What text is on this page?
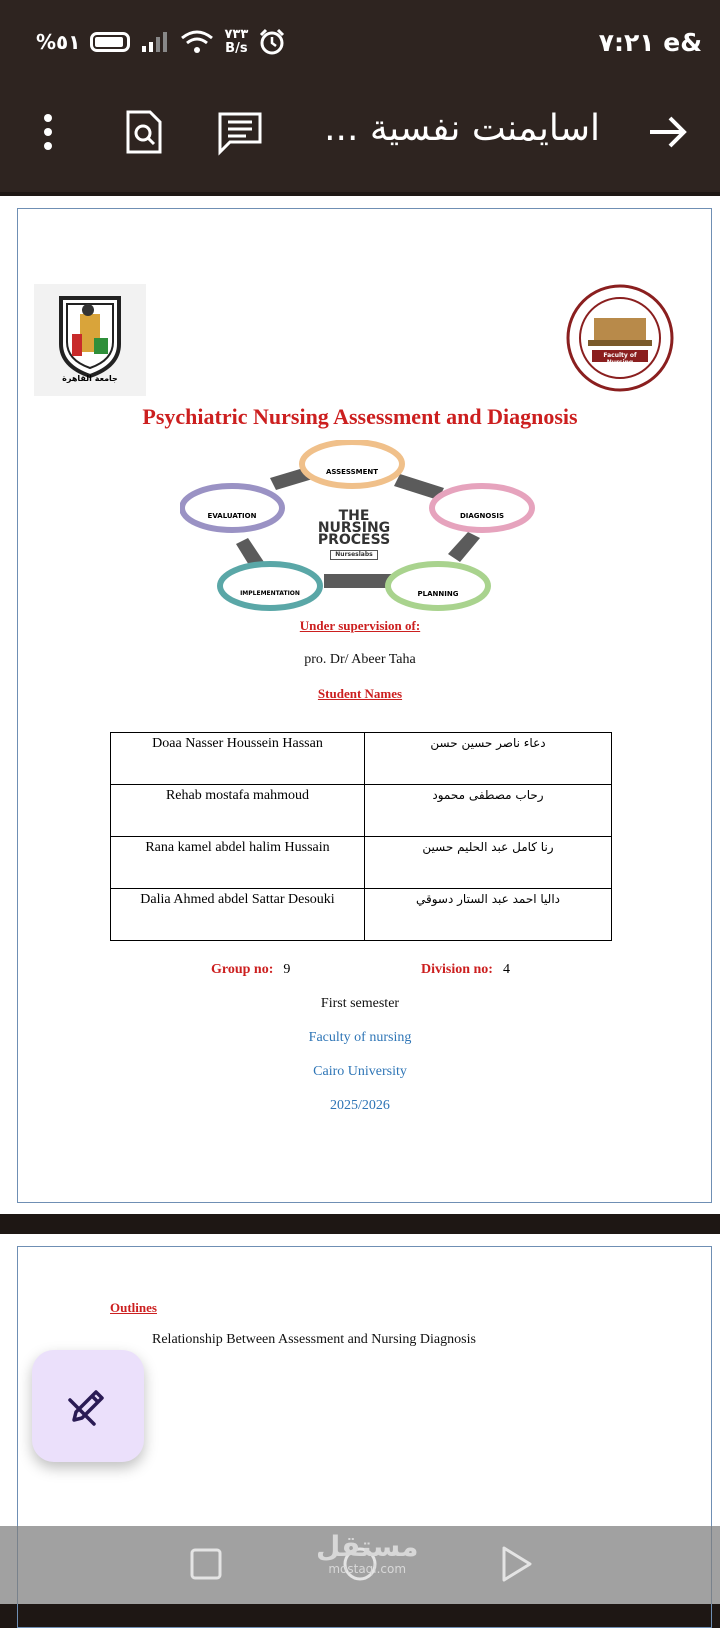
%٥١	٧٣٣
B/s	٧:٢١ e&
اسايمنت نفسية ...
جامعة القاهرة
Faculty of Nursing
Psychiatric Nursing Assessment and Diagnosis
ASSESSMENT
DIAGNOSIS
PLANNING
IMPLEMENTATION
EVALUATION	THE
NURSING
PROCESS
Nurseslabs
Under supervision of:
pro. Dr/ Abeer Taha
Student Names
Doaa Nasser Houssein Hassan	دعاء ناصر حسين حسن
Rehab mostafa mahmoud	رحاب مصطفى محمود
Rana kamel abdel halim Hussain	رنا كامل عبد الحليم حسين
Dalia Ahmed abdel Sattar Desouki	داليا احمد عبد الستار دسوقي
Group no: 9	Division no: 4
First semester
Faculty of nursing
Cairo University
2025/2026
Outlines
Relationship Between Assessment and Nursing Diagnosis
مستقل
mostaql.com
